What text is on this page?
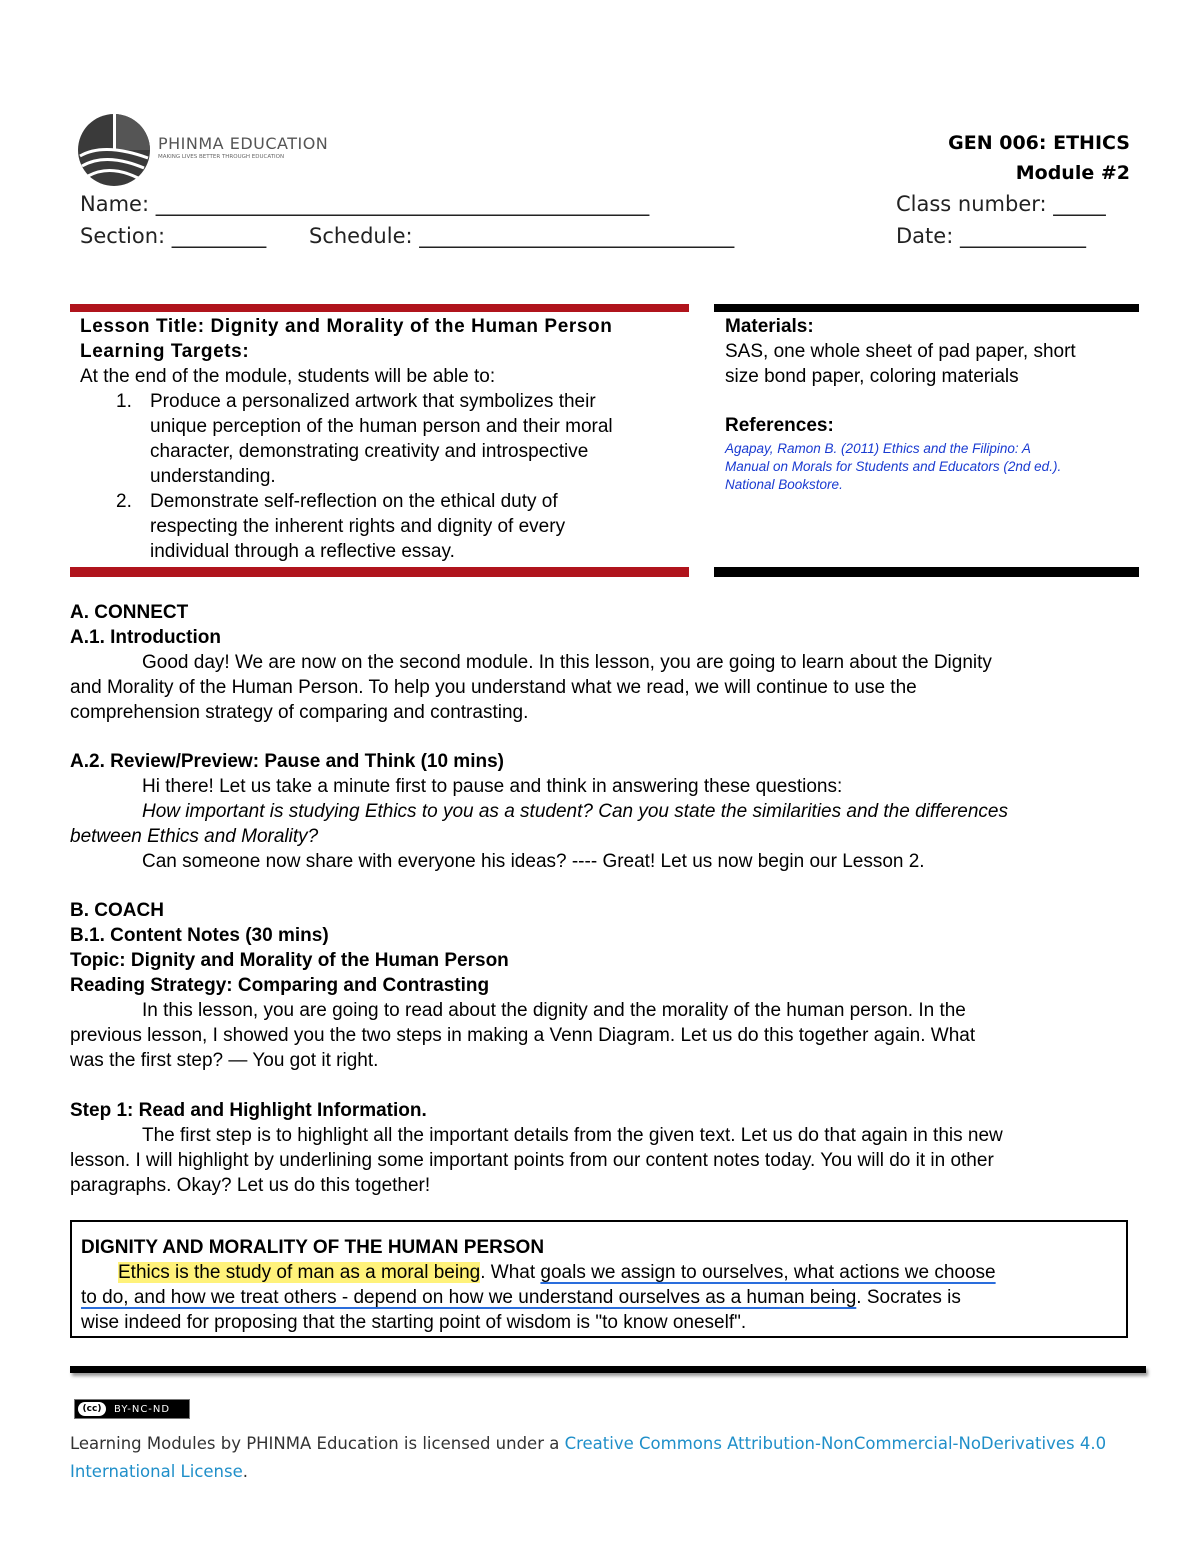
PHINMA EDUCATION
MAKING LIVES BETTER THROUGH EDUCATION
GEN 006: ETHICS
Module #2
Name: _______________________________________________	Class number: _____
Section: _________ Schedule: ______________________________	Date: ____________
Lesson Title: Dignity and Morality of the Human Person
Learning Targets:
At the end of the module, students will be able to:
1. Produce a personalized artwork that symbolizes their
unique perception of the human person and their moral
character, demonstrating creativity and introspective
understanding.
2. Demonstrate self-reflection on the ethical duty of
respecting the inherent rights and dignity of every
individual through a reflective essay.
Materials:
SAS, one whole sheet of pad paper, short
size bond paper, coloring materials
References:
Agapay, Ramon B. (2011) Ethics and the Filipino: A
Manual on Morals for Students and Educators (2nd ed.).
National Bookstore.
A. CONNECT
A.1. Introduction
Good day! We are now on the second module. In this lesson, you are going to learn about the Dignity
and Morality of the Human Person. To help you understand what we read, we will continue to use the
comprehension strategy of comparing and contrasting.
A.2. Review/Preview: Pause and Think (10 mins)
Hi there! Let us take a minute first to pause and think in answering these questions:
How important is studying Ethics to you as a student? Can you state the similarities and the differences
between Ethics and Morality?
Can someone now share with everyone his ideas? ---- Great! Let us now begin our Lesson 2.
B. COACH
B.1. Content Notes (30 mins)
Topic: Dignity and Morality of the Human Person
Reading Strategy: Comparing and Contrasting
In this lesson, you are going to read about the dignity and the morality of the human person. In the
previous lesson, I showed you the two steps in making a Venn Diagram. Let us do this together again. What
was the first step? — You got it right.
Step 1: Read and Highlight Information.
The first step is to highlight all the important details from the given text. Let us do that again in this new
lesson. I will highlight by underlining some important points from our content notes today. You will do it in other
paragraphs. Okay? Let us do this together!
DIGNITY AND MORALITY OF THE HUMAN PERSON
Ethics is the study of man as a moral being. What goals we assign to ourselves, what actions we choose
to do, and how we treat others - depend on how we understand ourselves as a human being. Socrates is
wise indeed for proposing that the starting point of wisdom is "to know oneself".
(cc)	BY-NC-ND
Learning Modules by PHINMA Education is licensed under a Creative Commons Attribution-NonCommercial-NoDerivatives 4.0
International License.
